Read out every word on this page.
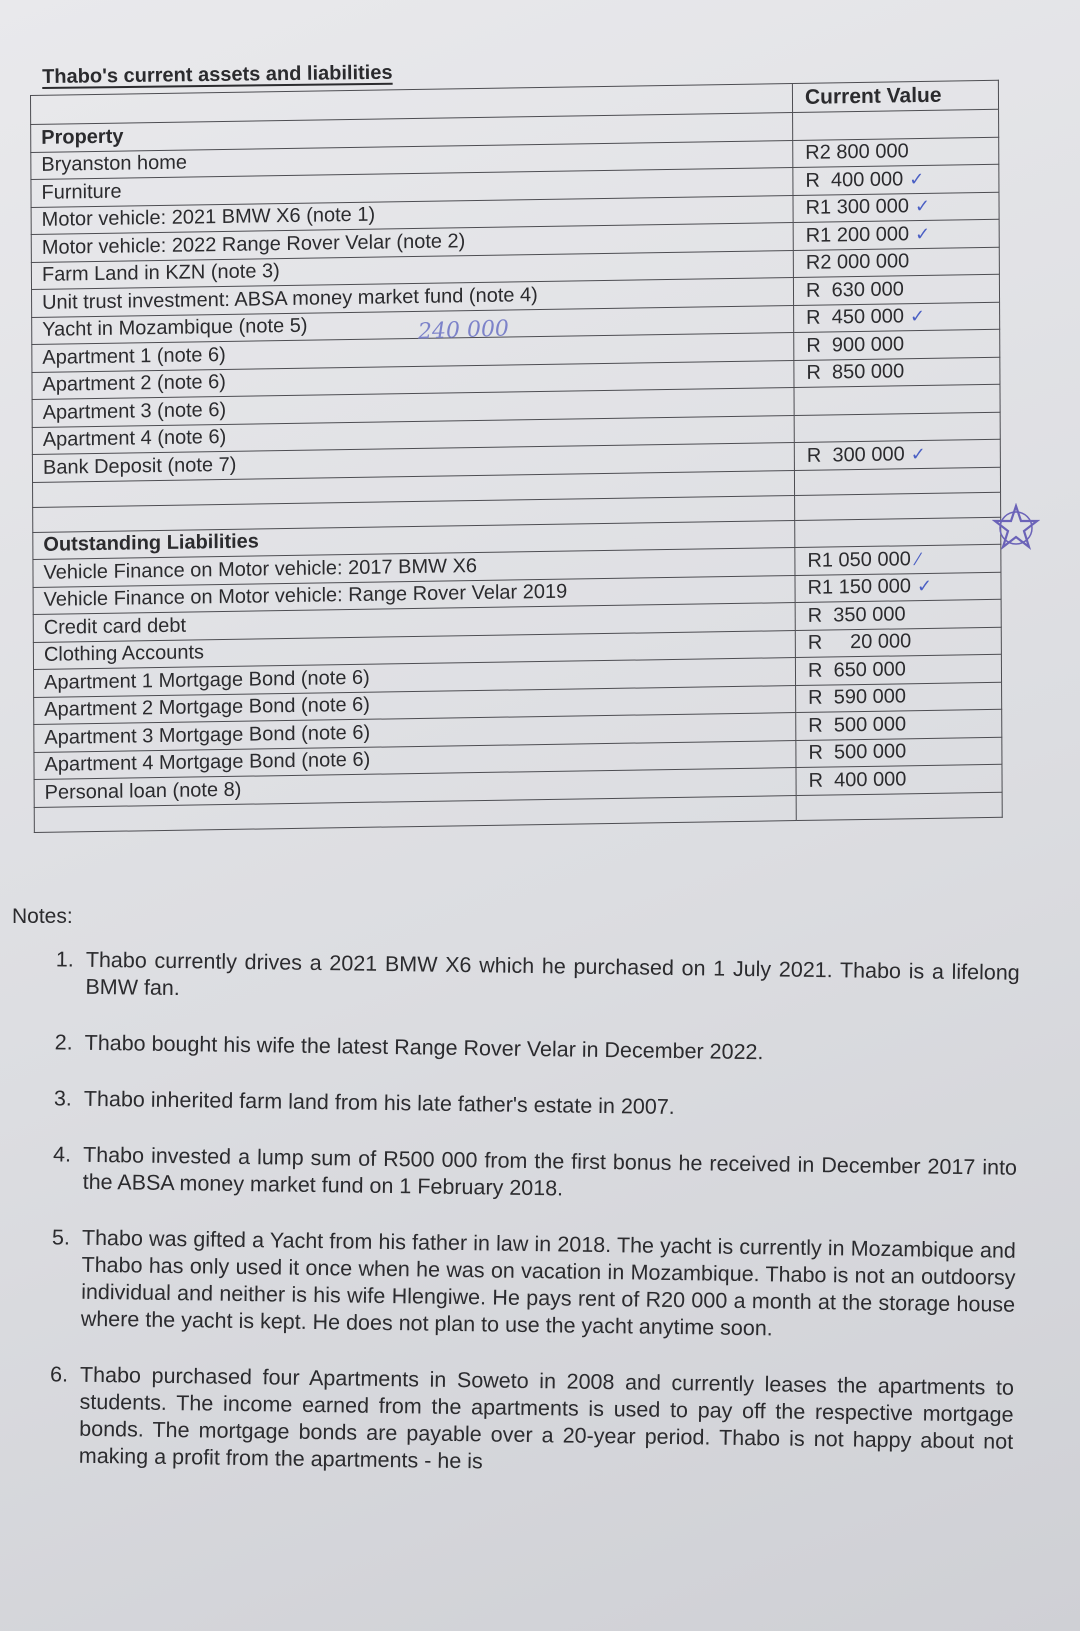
Thabo's current assets and liabilities
	Current Value
Property	
Bryanston home	R2 800 000
Furniture	R  400 000 ✓
Motor vehicle: 2021 BMW X6 (note 1)	R1 300 000 ✓
Motor vehicle: 2022 Range Rover Velar (note 2)	R1 200 000 ✓
Farm Land in KZN (note 3)	R2 000 000
Unit trust investment: ABSA money market fund (note 4)	R  630 000
Yacht in Mozambique (note 5)	R  450 000 ✓
Apartment 1 (note 6)	R  900 000
Apartment 2 (note 6)	R  850 000
Apartment 3 (note 6)	
Apartment 4 (note 6)	
Bank Deposit (note 7)	R  300 000 ✓

Outstanding Liabilities	
Vehicle Finance on Motor vehicle: 2017 BMW X6	R1 050 000 ⁄
Vehicle Finance on Motor vehicle: Range Rover Velar 2019	R1 150 000 ✓
Credit card debt	R  350 000
Clothing Accounts	R     20 000
Apartment 1 Mortgage Bond (note 6)	R  650 000
Apartment 2 Mortgage Bond (note 6)	R  590 000
Apartment 3 Mortgage Bond (note 6)	R  500 000
Apartment 4 Mortgage Bond (note 6)	R  500 000
Personal loan (note 8)	R  400 000

240 000
Notes:
1. Thabo currently drives a 2021 BMW X6 which he purchased on 1 July 2021. Thabo is a lifelong BMW fan.
2. Thabo bought his wife the latest Range Rover Velar in December 2022.
3. Thabo inherited farm land from his late father's estate in 2007.
4. Thabo invested a lump sum of R500 000 from the first bonus he received in December 2017 into the ABSA money market fund on 1 February 2018.
5. Thabo was gifted a Yacht from his father in law in 2018. The yacht is currently in Mozambique and Thabo has only used it once when he was on vacation in Mozambique. Thabo is not an outdoorsy individual and neither is his wife Hlengiwe. He pays rent of R20 000 a month at the storage house where the yacht is kept. He does not plan to use the yacht anytime soon.
6. Thabo purchased four Apartments in Soweto in 2008 and currently leases the apartments to students. The income earned from the apartments is used to pay off the respective mortgage bonds. The mortgage bonds are payable over a 20-year period. Thabo is not happy about not making a profit from the apartments - he is
